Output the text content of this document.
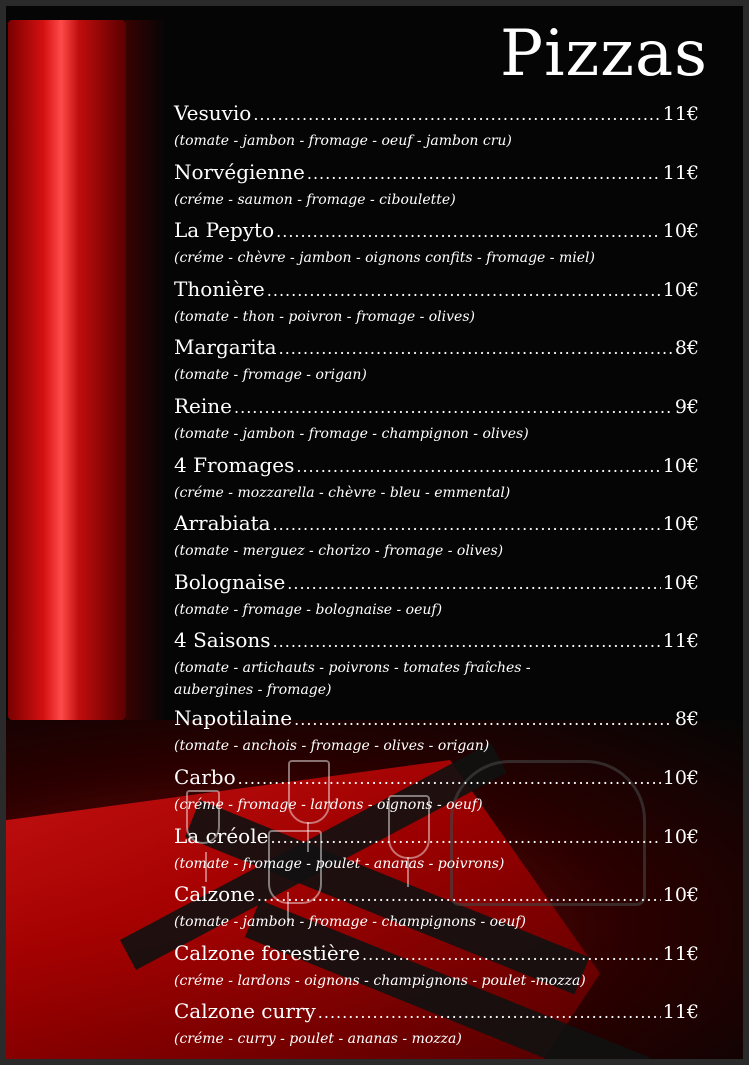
Pizzas
Vesuvio .....	11€
(tomate - jambon - fromage - oeuf - jambon cru)
Norvégienne .....	11€
(créme - saumon - fromage - ciboulette)
La Pepyto .....	10€
(créme - chèvre - jambon - oignons confits - fromage - miel)
Thonière .....	10€
(tomate - thon - poivron - fromage - olives)
Margarita .....	8€
(tomate - fromage - origan)
Reine .....	9€
(tomate - jambon - fromage - champignon - olives)
4 Fromages .....	10€
(créme - mozzarella - chèvre - bleu - emmental)
Arrabiata .....	10€
(tomate - merguez - chorizo - fromage - olives)
Bolognaise .....	10€
(tomate - fromage - bolognaise - oeuf)
4 Saisons .....	11€
(tomate - artichauts - poivrons - tomates fraîches - aubergines - fromage)
Napotilaine .....	8€
(tomate - anchois - fromage - olives - origan)
Carbo .....	10€
(créme - fromage - lardons - oignons - oeuf)
La créole .....	10€
(tomate - fromage - poulet - ananas - poivrons)
Calzone .....	10€
(tomate - jambon - fromage - champignons - oeuf)
Calzone forestière .....	11€
(créme - lardons - oignons - champignons - poulet -mozza)
Calzone curry .....	11€
(créme - curry - poulet - ananas - mozza)
